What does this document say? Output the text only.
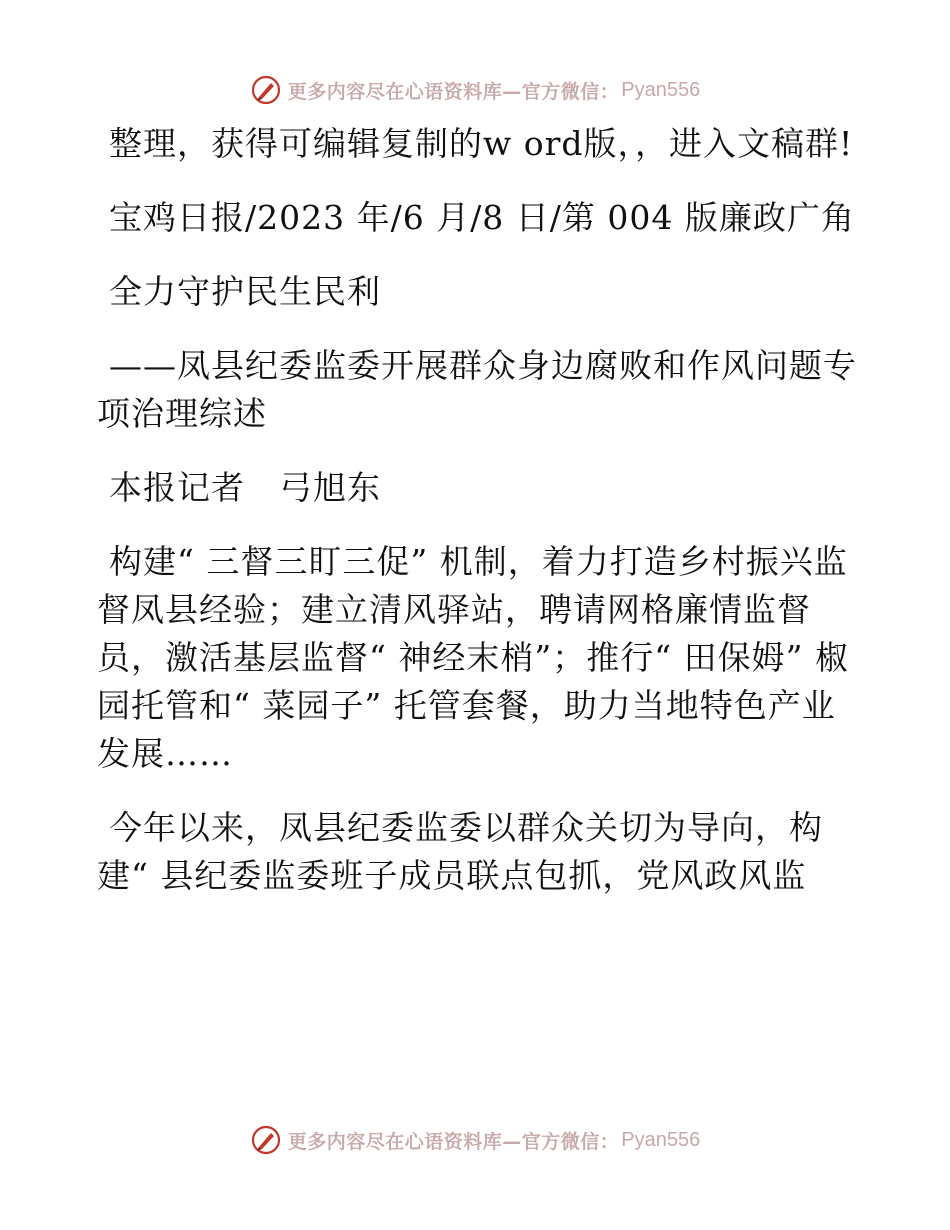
更多内容尽在心语资料库—官方微信： Pyan556

整理，获得可编辑复制的w ord版，，进入文稿群!

宝鸡日报/2023 年/6 月/8 日/第 004 版廉政广角

全力守护民生民利

——凤县纪委监委开展群众身边腐败和作风问题专项治理综述

本报记者　弓旭东

构建“ 三督三盯三促” 机制，着力打造乡村振兴监督凤县经验；建立清风驿站，聘请网格廉情监督员，激活基层监督“ 神经末梢”；推行“ 田保姆” 椒园托管和“ 菜园子” 托管套餐，助力当地特色产业发展……

今年以来，凤县纪委监委以群众关切为导向，构建“ 县纪委监委班子成员联点包抓，党风政风监

更多内容尽在心语资料库—官方微信： Pyan556
